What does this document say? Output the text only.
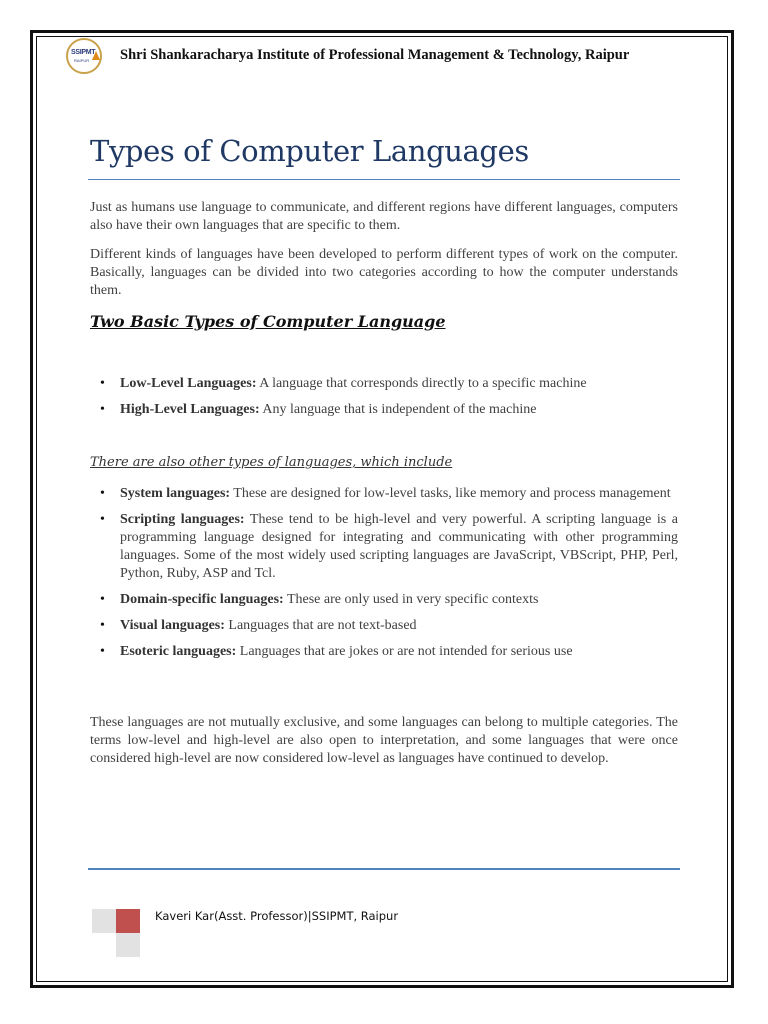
SSIPMT
RAIPUR Shri Shankaracharya Institute of Professional Management & Technology, Raipur
Types of Computer Languages

Just as humans use language to communicate, and different regions have different languages, computers also have their own languages that are specific to them.

Different kinds of languages have been developed to perform different types of work on the computer. Basically, languages can be divided into two categories according to how the computer understands them.

Two Basic Types of Computer Language
• Low-Level Languages: A language that corresponds directly to a specific machine
• High-Level Languages: Any language that is independent of the machine
There are also other types of languages, which include
• System languages: These are designed for low-level tasks, like memory and process management
• Scripting languages: These tend to be high-level and very powerful. A scripting language is a programming language designed for integrating and communicating with other programming languages. Some of the most widely used scripting languages are JavaScript, VBScript, PHP, Perl, Python, Ruby, ASP and Tcl.
• Domain-specific languages: These are only used in very specific contexts
• Visual languages: Languages that are not text-based
• Esoteric languages: Languages that are jokes or are not intended for serious use

These languages are not mutually exclusive, and some languages can belong to multiple categories. The terms low-level and high-level are also open to interpretation, and some languages that were once considered high-level are now considered low-level as languages have continued to develop.

Kaveri Kar(Asst. Professor)|SSIPMT, Raipur
